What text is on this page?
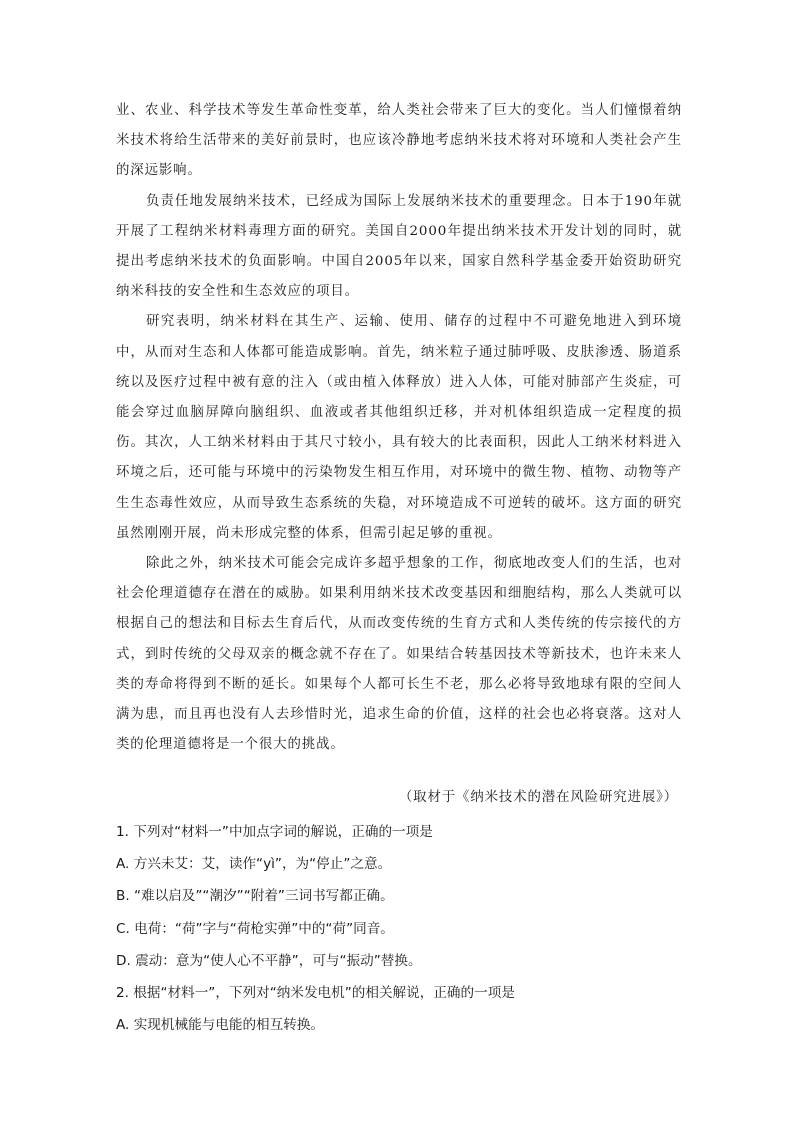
业、农业、科学技术等发生革命性变革，给人类社会带来了巨大的变化。当人们憧憬着纳米技术将给生活带来的美好前景时，也应该冷静地考虑纳米技术将对环境和人类社会产生的深远影响。

负责任地发展纳米技术，已经成为国际上发展纳米技术的重要理念。日本于190年就开展了工程纳米材料毒理方面的研究。美国自2000年提出纳米技术开发计划的同时，就提出考虑纳米技术的负面影响。中国自2005年以来，国家自然科学基金委开始资助研究纳米科技的安全性和生态效应的项目。

研究表明，纳米材料在其生产、运输、使用、储存的过程中不可避免地进入到环境中，从而对生态和人体都可能造成影响。首先，纳米粒子通过肺呼吸、皮肤渗透、肠道系统以及医疗过程中被有意的注入（或由植入体释放）进入人体，可能对肺部产生炎症，可能会穿过血脑屏障向脑组织、血液或者其他组织迁移，并对机体组织造成一定程度的损伤。其次，人工纳米材料由于其尺寸较小，具有较大的比表面积，因此人工纳米材料进入环境之后，还可能与环境中的污染物发生相互作用，对环境中的微生物、植物、动物等产生生态毒性效应，从而导致生态系统的失稳，对环境造成不可逆转的破坏。这方面的研究虽然刚刚开展，尚未形成完整的体系，但需引起足够的重视。

除此之外，纳米技术可能会完成许多超乎想象的工作，彻底地改变人们的生活，也对社会伦理道德存在潜在的威胁。如果利用纳米技术改变基因和细胞结构，那么人类就可以根据自己的想法和目标去生育后代，从而改变传统的生育方式和人类传统的传宗接代的方式，到时传统的父母双亲的概念就不存在了。如果结合转基因技术等新技术，也许未来人类的寿命将得到不断的延长。如果每个人都可长生不老，那么必将导致地球有限的空间人满为患，而且再也没有人去珍惜时光，追求生命的价值，这样的社会也必将衰落。这对人类的伦理道德将是一个很大的挑战。

（取材于《纳米技术的潜在风险研究进展》）
1. 下列对“材料一”中加点字词的解说，正确的一项是
A. 方兴未艾：艾，读作“yì”，为“停止”之意。
B. “难以启及”“潮汐”“附着”三词书写都正确。
C. 电荷：“荷”字与“荷枪实弹”中的“荷”同音。
D. 震动：意为“使人心不平静”，可与“振动”替换。
2. 根据“材料一”，下列对“纳米发电机”的相关解说，正确的一项是
A. 实现机械能与电能的相互转换。
